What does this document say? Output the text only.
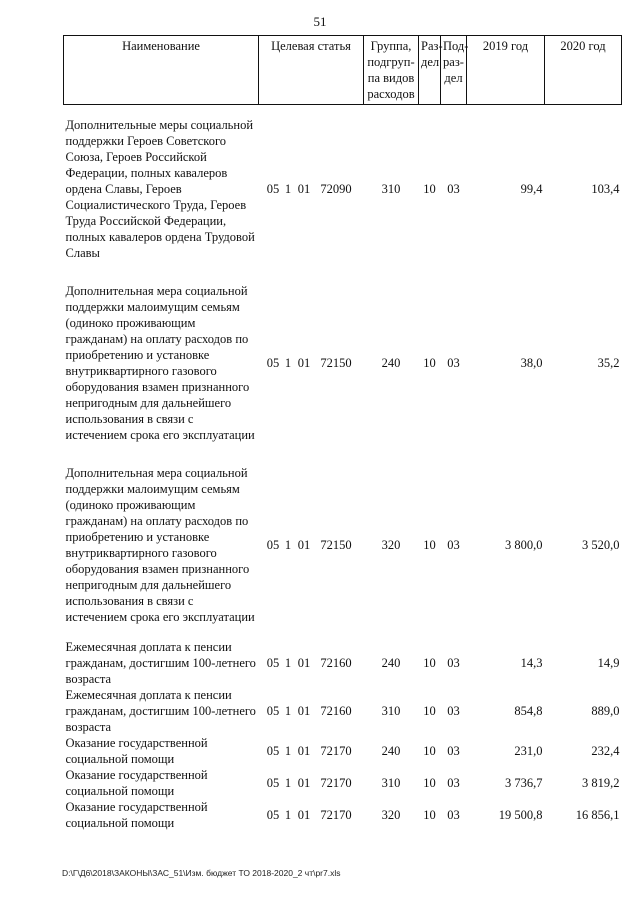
51
Наименование	Целевая статья	Группа, подгруп-па видов расходов	Раз-дел	Под-раз-дел	2019 год	2020 год

Дополнительные меры социальной поддержки Героев Советского Союза, Героев Российской Федерации, полных кавалеров ордена Славы, Героев Социалистического Труда, Героев Труда Российской Федерации, полных кавалеров ордена Трудовой Славы	05 1 01 72090	310	10	03	99,4	103,4

Дополнительная мера социальной поддержки малоимущим семьям (одиноко проживающим гражданам) на оплату расходов по приобретению и установке внутриквартирного газового оборудования взамен признанного непригодным для дальнейшего использования в связи с истечением срока его эксплуатации	05 1 01 72150	240	10	03	38,0	35,2

Дополнительная мера социальной поддержки малоимущим семьям (одиноко проживающим гражданам) на оплату расходов по приобретению и установке внутриквартирного газового оборудования взамен признанного непригодным для дальнейшего использования в связи с истечением срока его эксплуатации	05 1 01 72150	320	10	03	3 800,0	3 520,0

Ежемесячная доплата к пенсии гражданам, достигшим 100-летнего возраста	05 1 01 72160	240	10	03	14,3	14,9
Ежемесячная доплата к пенсии гражданам, достигшим 100-летнего возраста	05 1 01 72160	310	10	03	854,8	889,0
Оказание государственной социальной помощи	05 1 01 72170	240	10	03	231,0	232,4
Оказание государственной социальной помощи	05 1 01 72170	310	10	03	3 736,7	3 819,2
Оказание государственной социальной помощи	05 1 01 72170	320	10	03	19 500,8	16 856,1
D:\Г\Д6\2018\ЗАКОНЫ\ЗАС_51\Изм. бюджет ТО 2018-2020_2 чт\pr7.xls
